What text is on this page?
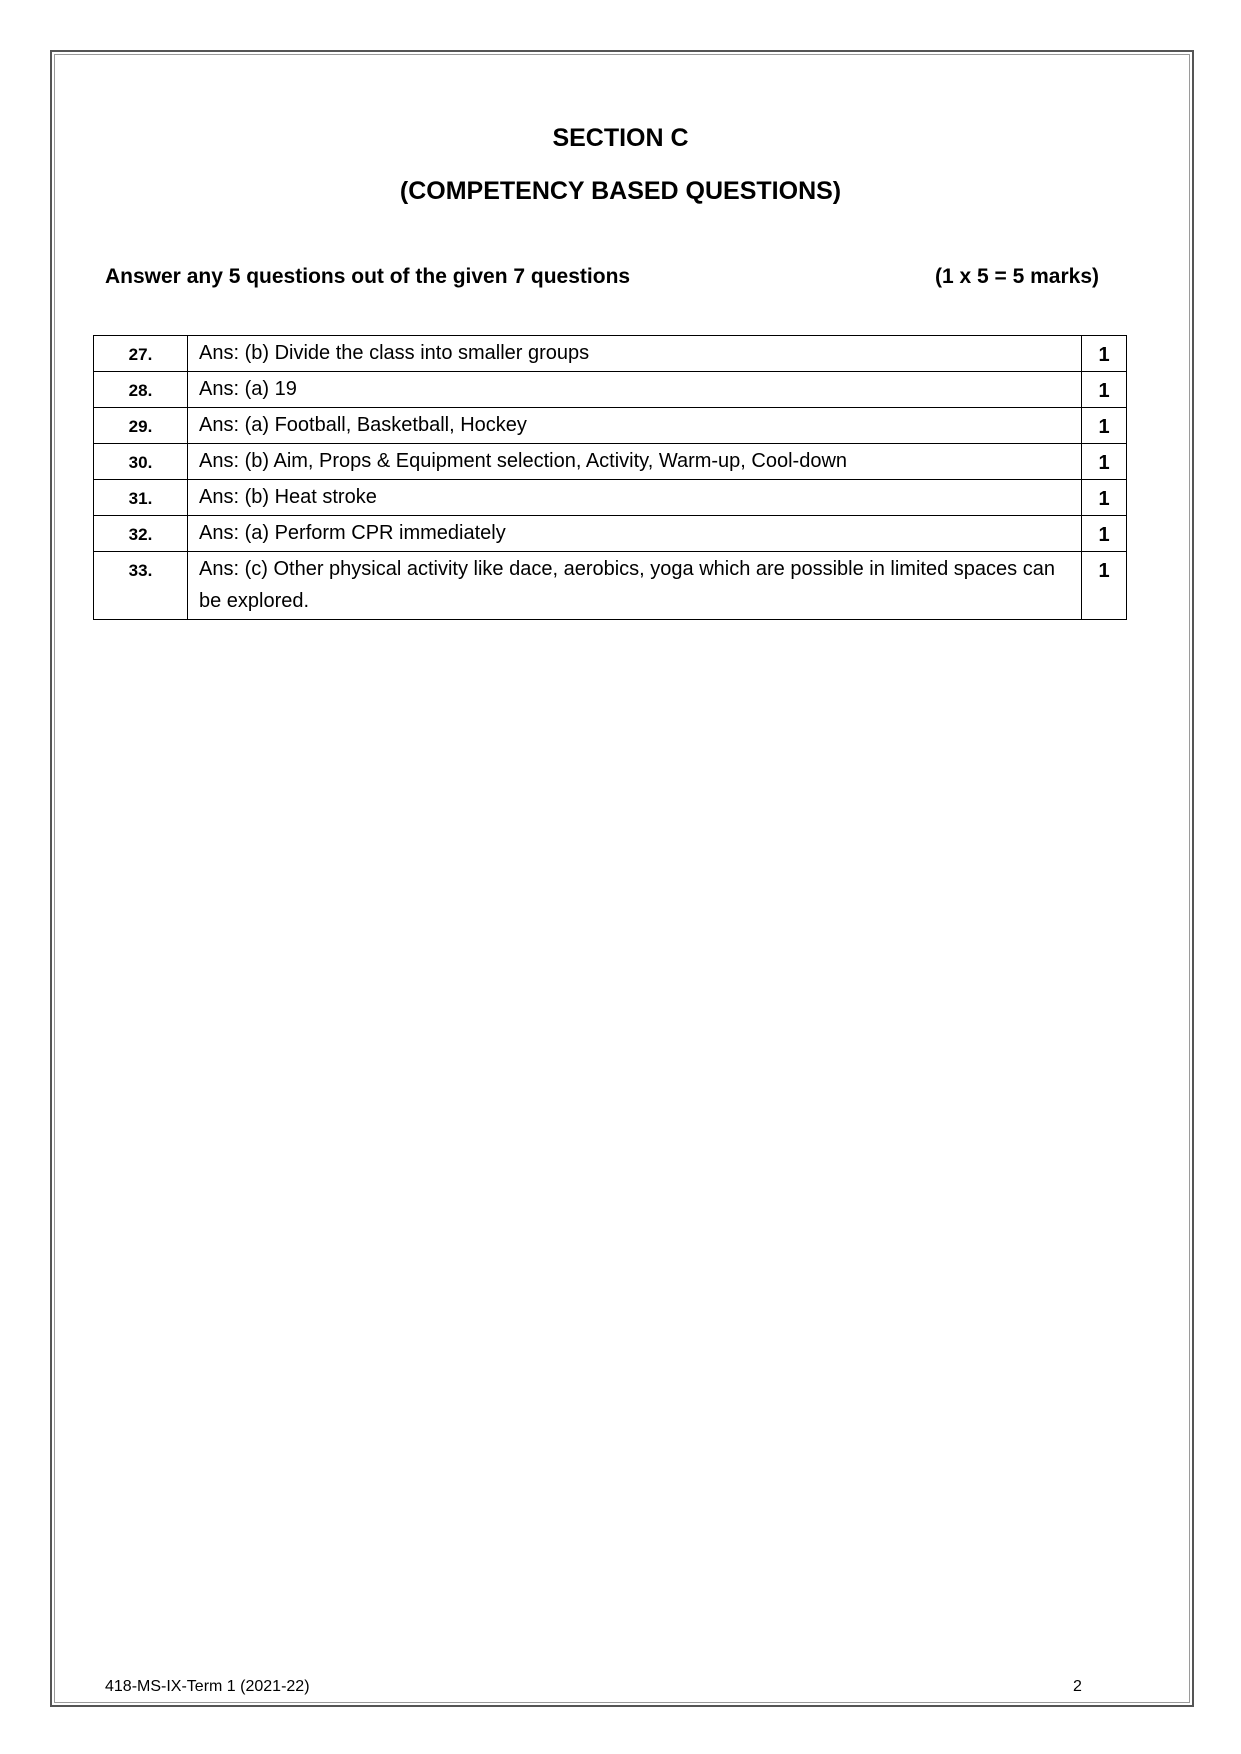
SECTION C
(COMPETENCY BASED QUESTIONS)
Answer any 5 questions out of the given 7 questions	(1 x 5 = 5 marks)
27.	Ans: (b) Divide the class into smaller groups	1
28.	Ans: (a) 19	1
29.	Ans: (a) Football, Basketball, Hockey	1
30.	Ans: (b) Aim, Props & Equipment selection, Activity, Warm-up, Cool-down	1
31.	Ans: (b) Heat stroke	1
32.	Ans: (a) Perform CPR immediately	1
33.	Ans: (c) Other physical activity like dace, aerobics, yoga which are possible in limited spaces can be explored.	1
418-MS-IX-Term 1 (2021-22)	2
